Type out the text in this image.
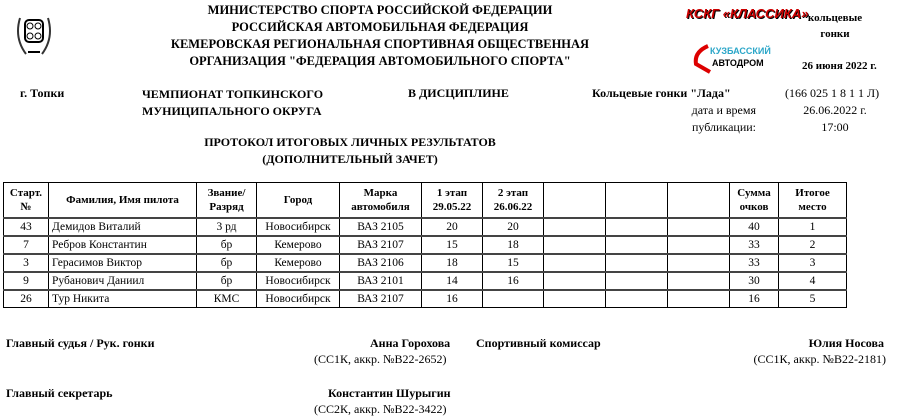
МИНИСТЕРСТВО СПОРТА РОССИЙСКОЙ ФЕДЕРАЦИИ
РОССИЙСКАЯ АВТОМОБИЛЬНАЯ ФЕДЕРАЦИЯ
КЕМЕРОВСКАЯ РЕГИОНАЛЬНАЯ СПОРТИВНАЯ ОБЩЕСТВЕННАЯ
ОРГАНИЗАЦИЯ "ФЕДЕРАЦИЯ АВТОМОБИЛЬНОГО СПОРТА"
КСКГ «КЛАССИКА»
КУЗБАССКИЙ
АВТОДРОМ
кольцевые
гонки
26 июня 2022 г.
г. Топки	ЧЕМПИОНАТ ТОПКИНСКОГО
МУНИЦИПАЛЬНОГО ОКРУГА
В ДИСЦИПЛИНЕ	Кольцевые гонки "Лада"	(166 025 1 8 1 1 Л)
дата и время
публикации:
26.06.2022 г.
17:00
ПРОТОКОЛ ИТОГОВЫХ ЛИЧНЫХ РЕЗУЛЬТАТОВ
(ДОПОЛНИТЕЛЬНЫЙ ЗАЧЕТ)
Старт. №	Фамилия, Имя пилота	Звание/ Разряд	Город	Марка автомобиля	1 этап 29.05.22	2 этап 26.06.22				Сумма очков	Итогое место
43	Демидов Виталий	3 рд	Новосибирск	ВАЗ 2105	20	20				40	1
7	Ребров Константин	бр	Кемерово	ВАЗ 2107	15	18				33	2
3	Герасимов Виктор	бр	Кемерово	ВАЗ 2106	18	15				33	3
9	Рубанович Даниил	бр	Новосибирск	ВАЗ 2101	14	16				30	4
26	Тур Никита	КМС	Новосибирск	ВАЗ 2107	16					16	5
Главный судья / Рук. гонки	Анна Горохова
(СС1К, аккр. №В22-2652)
Спортивный комиссар	Юлия Носова
(СС1К, аккр. №В22-2181)
Главный секретарь	Константин Шурыгин
(СС2К, аккр. №В22-3422)
